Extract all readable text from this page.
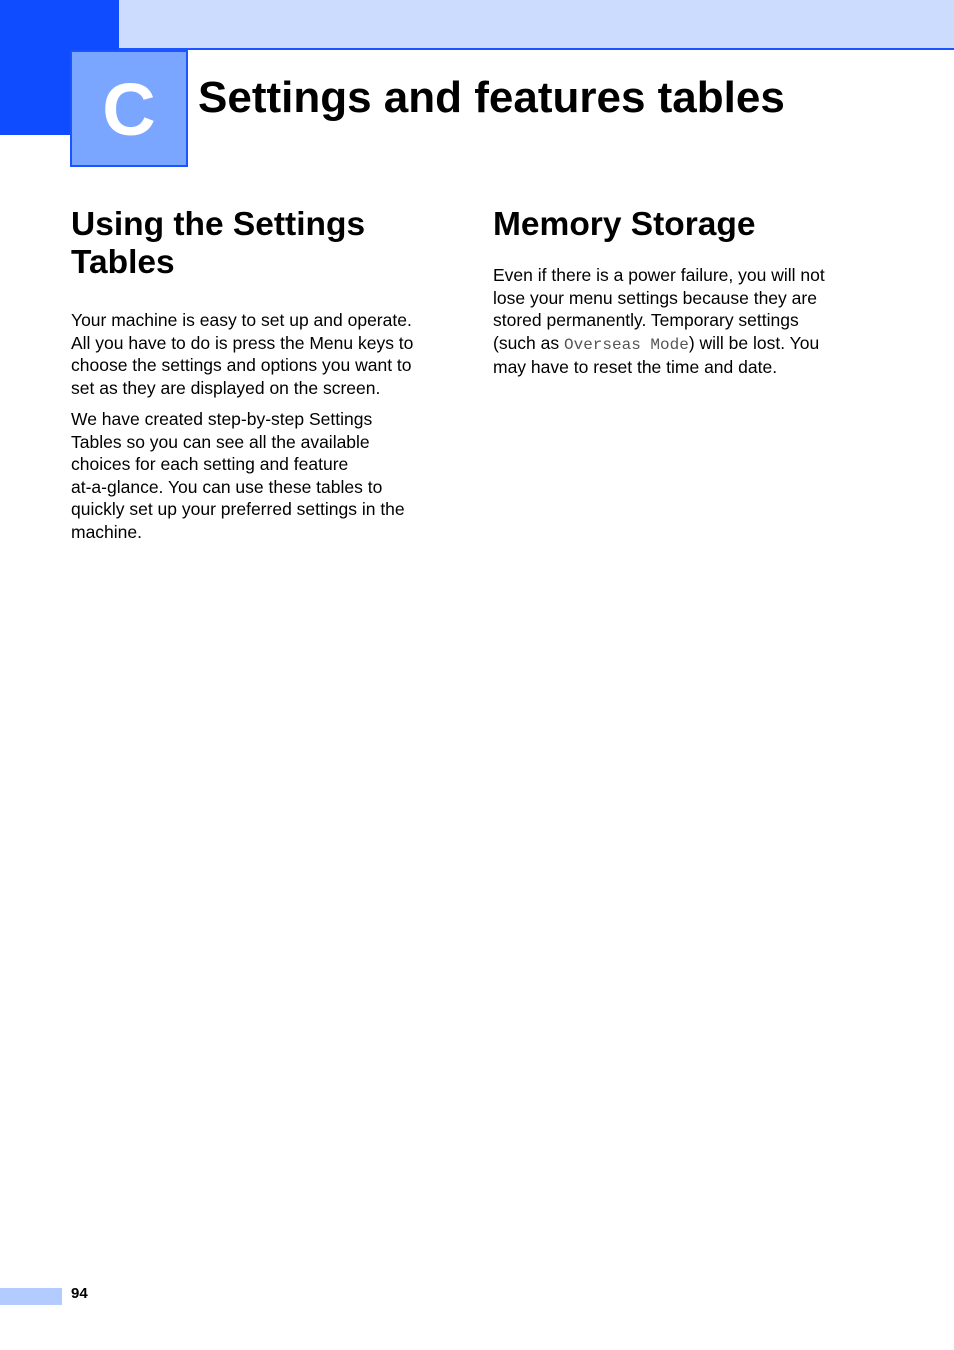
C Settings and features tables
Using the Settings
Tables

Your machine is easy to set up and operate.
All you have to do is press the Menu keys to
choose the settings and options you want to
set as they are displayed on the screen.

We have created step-by-step Settings
Tables so you can see all the available
choices for each setting and feature
at-a-glance. You can use these tables to
quickly set up your preferred settings in the
machine.

Memory Storage

Even if there is a power failure, you will not
lose your menu settings because they are
stored permanently. Temporary settings
(such as Overseas Mode) will be lost. You
may have to reset the time and date.

94
